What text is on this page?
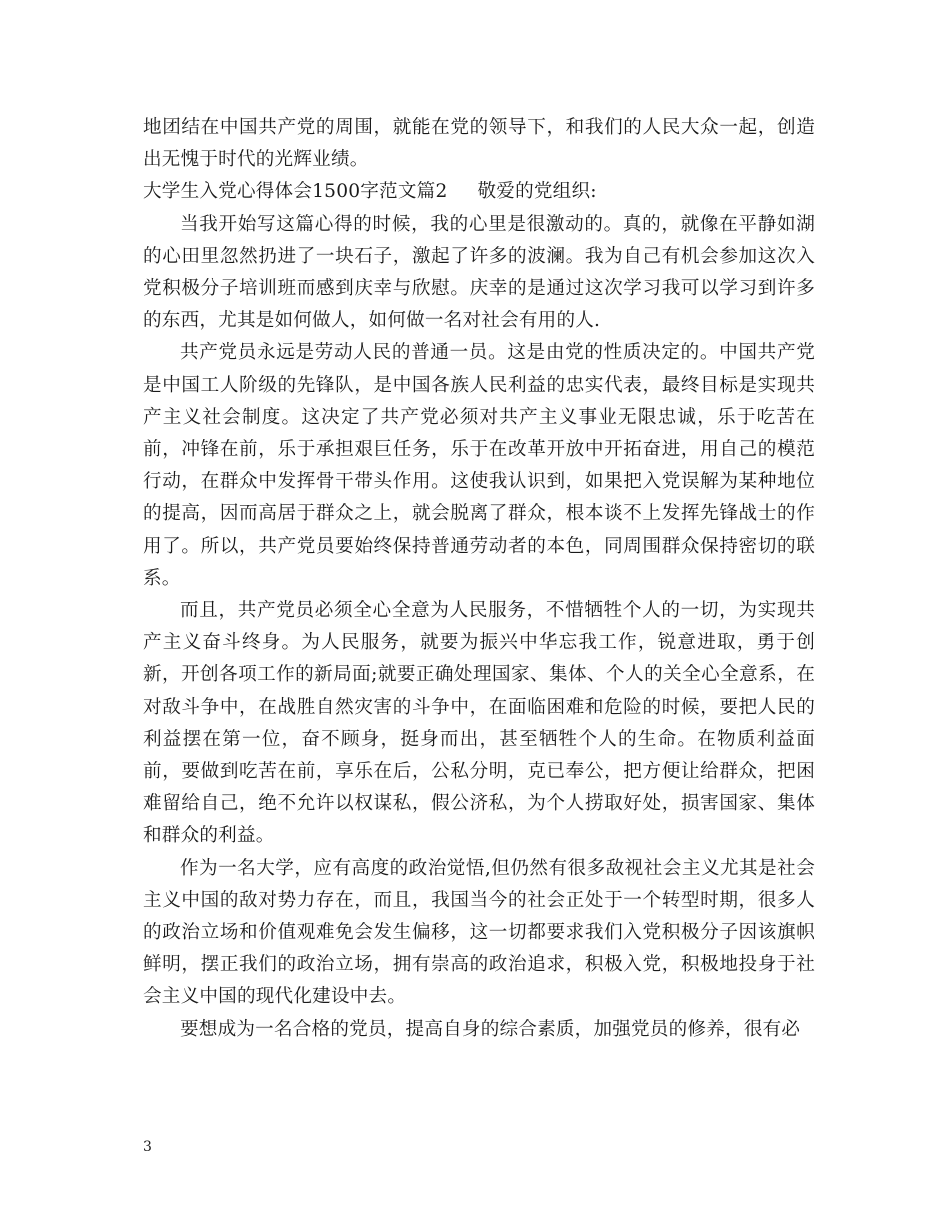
地团结在中国共产党的周围，就能在党的领导下，和我们的人民大众一起，创造出无愧于时代的光辉业绩。

大学生入党心得体会1500字范文篇2 敬爱的党组织:

当我开始写这篇心得的时候，我的心里是很激动的。真的，就像在平静如湖的心田里忽然扔进了一块石子，激起了许多的波澜。我为自己有机会参加这次入党积极分子培训班而感到庆幸与欣慰。庆幸的是通过这次学习我可以学习到许多的东西，尤其是如何做人，如何做一名对社会有用的人.

共产党员永远是劳动人民的普通一员。这是由党的性质决定的。中国共产党是中国工人阶级的先锋队，是中国各族人民利益的忠实代表，最终目标是实现共产主义社会制度。这决定了共产党必须对共产主义事业无限忠诚，乐于吃苦在前，冲锋在前，乐于承担艰巨任务，乐于在改革开放中开拓奋进，用自己的模范行动，在群众中发挥骨干带头作用。这使我认识到，如果把入党误解为某种地位的提高，因而高居于群众之上，就会脱离了群众，根本谈不上发挥先锋战士的作用了。所以，共产党员要始终保持普通劳动者的本色，同周围群众保持密切的联系。

而且，共产党员必须全心全意为人民服务，不惜牺牲个人的一切，为实现共产主义奋斗终身。为人民服务，就要为振兴中华忘我工作，锐意进取，勇于创新，开创各项工作的新局面;就要正确处理国家、集体、个人的关全心全意系，在对敌斗争中，在战胜自然灾害的斗争中，在面临困难和危险的时候，要把人民的利益摆在第一位，奋不顾身，挺身而出，甚至牺牲个人的生命。在物质利益面前，要做到吃苦在前，享乐在后，公私分明，克已奉公，把方便让给群众，把困难留给自己，绝不允许以权谋私，假公济私，为个人捞取好处，损害国家、集体和群众的利益。

作为一名大学，应有高度的政治觉悟,但仍然有很多敌视社会主义尤其是社会主义中国的敌对势力存在，而且，我国当今的社会正处于一个转型时期，很多人的政治立场和价值观难免会发生偏移，这一切都要求我们入党积极分子因该旗帜鲜明，摆正我们的政治立场，拥有崇高的政治追求，积极入党，积极地投身于社会主义中国的现代化建设中去。

要想成为一名合格的党员，提高自身的综合素质，加强党员的修养，很有必

3
